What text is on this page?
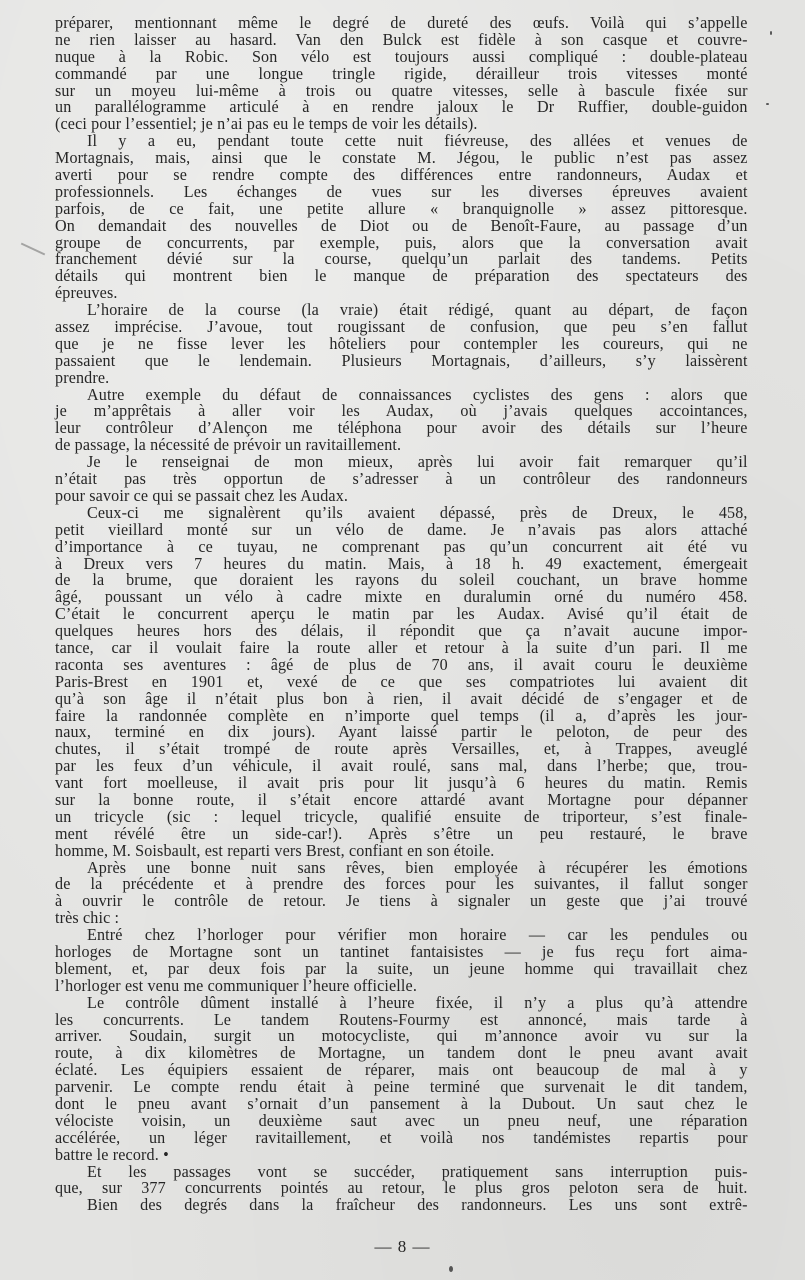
préparer, mentionnant même le degré de dureté des œufs. Voilà qui s’appelle
ne rien laisser au hasard. Van den Bulck est fidèle à son casque et couvre-
nuque à la Robic. Son vélo est toujours aussi compliqué : double-plateau
commandé par une longue tringle rigide, dérailleur trois vitesses monté
sur un moyeu lui-même à trois ou quatre vitesses, selle à bascule fixée sur
un parallélogramme articulé à en rendre jaloux le Dr Ruffier, double-guidon
(ceci pour l’essentiel; je n’ai pas eu le temps de voir les détails).
Il y a eu, pendant toute cette nuit fiévreuse, des allées et venues de
Mortagnais, mais, ainsi que le constate M. Jégou, le public n’est pas assez
averti pour se rendre compte des différences entre randonneurs, Audax et
professionnels. Les échanges de vues sur les diverses épreuves avaient
parfois, de ce fait, une petite allure « branquignolle » assez pittoresque.
On demandait des nouvelles de Diot ou de Benoît-Faure, au passage d’un
groupe de concurrents, par exemple, puis, alors que la conversation avait
franchement dévié sur la course, quelqu’un parlait des tandems. Petits
détails qui montrent bien le manque de préparation des spectateurs des
épreuves.
L’horaire de la course (la vraie) était rédigé, quant au départ, de façon
assez imprécise. J’avoue, tout rougissant de confusion, que peu s’en fallut
que je ne fisse lever les hôteliers pour contempler les coureurs, qui ne
passaient que le lendemain. Plusieurs Mortagnais, d’ailleurs, s’y laissèrent
prendre.
Autre exemple du défaut de connaissances cyclistes des gens : alors que
je m’apprêtais à aller voir les Audax, où j’avais quelques accointances,
leur contrôleur d’Alençon me téléphona pour avoir des détails sur l’heure
de passage, la nécessité de prévoir un ravitaillement.
Je le renseignai de mon mieux, après lui avoir fait remarquer qu’il
n’était pas très opportun de s’adresser à un contrôleur des randonneurs
pour savoir ce qui se passait chez les Audax.
Ceux-ci me signalèrent qu’ils avaient dépassé, près de Dreux, le 458,
petit vieillard monté sur un vélo de dame. Je n’avais pas alors attaché
d’importance à ce tuyau, ne comprenant pas qu’un concurrent ait été vu
à Dreux vers 7 heures du matin. Mais, à 18 h. 49 exactement, émergeait
de la brume, que doraient les rayons du soleil couchant, un brave homme
âgé, poussant un vélo à cadre mixte en duralumin orné du numéro 458.
C’était le concurrent aperçu le matin par les Audax. Avisé qu’il était de
quelques heures hors des délais, il répondit que ça n’avait aucune impor-
tance, car il voulait faire la route aller et retour à la suite d’un pari. Il me
raconta ses aventures : âgé de plus de 70 ans, il avait couru le deuxième
Paris-Brest en 1901 et, vexé de ce que ses compatriotes lui avaient dit
qu’à son âge il n’était plus bon à rien, il avait décidé de s’engager et de
faire la randonnée complète en n’importe quel temps (il a, d’après les jour-
naux, terminé en dix jours). Ayant laissé partir le peloton, de peur des
chutes, il s’était trompé de route après Versailles, et, à Trappes, aveuglé
par les feux d’un véhicule, il avait roulé, sans mal, dans l’herbe; que, trou-
vant fort moelleuse, il avait pris pour lit jusqu’à 6 heures du matin. Remis
sur la bonne route, il s’était encore attardé avant Mortagne pour dépanner
un tricycle (sic : lequel tricycle, qualifié ensuite de triporteur, s’est finale-
ment révélé être un side-car!). Après s’être un peu restauré, le brave
homme, M. Soisbault, est reparti vers Brest, confiant en son étoile.
Après une bonne nuit sans rêves, bien employée à récupérer les émotions
de la précédente et à prendre des forces pour les suivantes, il fallut songer
à ouvrir le contrôle de retour. Je tiens à signaler un geste que j’ai trouvé
très chic :
Entré chez l’horloger pour vérifier mon horaire — car les pendules ou
horloges de Mortagne sont un tantinet fantaisistes — je fus reçu fort aima-
blement, et, par deux fois par la suite, un jeune homme qui travaillait chez
l’horloger est venu me communiquer l’heure officielle.
Le contrôle dûment installé à l’heure fixée, il n’y a plus qu’à attendre
les concurrents. Le tandem Routens-Fourmy est annoncé, mais tarde à
arriver. Soudain, surgit un motocycliste, qui m’annonce avoir vu sur la
route, à dix kilomètres de Mortagne, un tandem dont le pneu avant avait
éclaté. Les équipiers essaient de réparer, mais ont beaucoup de mal à y
parvenir. Le compte rendu était à peine terminé que survenait le dit tandem,
dont le pneu avant s’ornait d’un pansement à la Dubout. Un saut chez le
vélociste voisin, un deuxième saut avec un pneu neuf, une réparation
accélérée, un léger ravitaillement, et voilà nos tandémistes repartis pour
battre le record. •
Et les passages vont se succéder, pratiquement sans interruption puis-
que, sur 377 concurrents pointés au retour, le plus gros peloton sera de huit.
Bien des degrés dans la fraîcheur des randonneurs. Les uns sont extrê-
— 8 —
